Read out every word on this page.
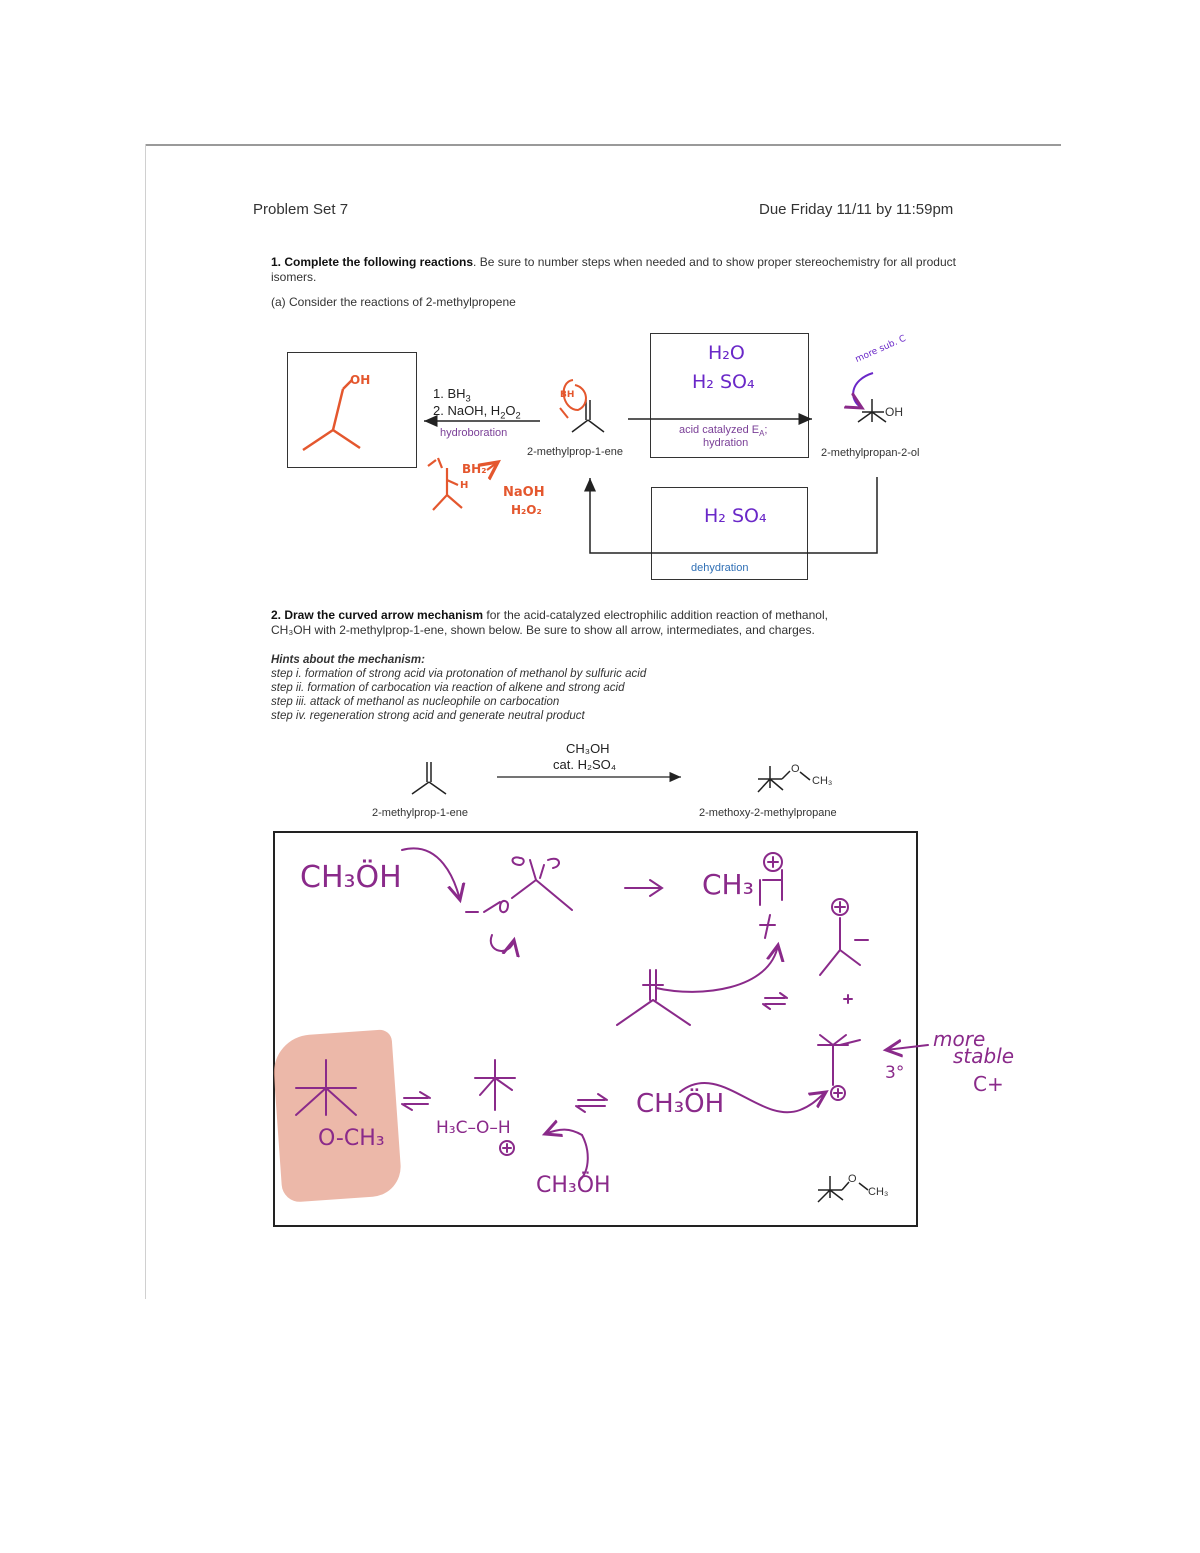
Problem Set 7	Due Friday 11/11 by 11:59pm
1. Complete the following reactions. Be sure to number steps when needed and to show proper stereochemistry for all product isomers.
(a) Consider the reactions of 2-methylpropene
1. $BH_3$
2. NaOH, $H_2O_2$
hydroboration
2-methylprop-1-ene
acid catalyzed $E_A$;
hydration
2-methylpropan-2-ol
OH
dehydration
H₂O
H₂ SO₄
H₂ SO₄
more sub. C
OH
BH
BH₂
NaOH
H₂O₂
H
2. Draw the curved arrow mechanism for the acid-catalyzed electrophilic addition reaction of methanol,
CH₃OH with 2-methylprop-1-ene, shown below. Be sure to show all arrow, intermediates, and charges.
Hints about the mechanism:
step i. formation of strong acid via protonation of methanol by sulfuric acid
step ii. formation of carbocation via reaction of alkene and strong acid
step iii. attack of methanol as nucleophile on carbocation
step iv. regeneration strong acid and generate neutral product
CH₃OH
cat. H₂SO₄
2-methylprop-1-ene	2-methoxy-2-methylpropane
O
CH₃
CH₃ÖH	CH₃
CH₃ÖH
CH₃ÖH
H₃C–O–H
O-CH₃
more
stable
C+
3°
O
CH₃
